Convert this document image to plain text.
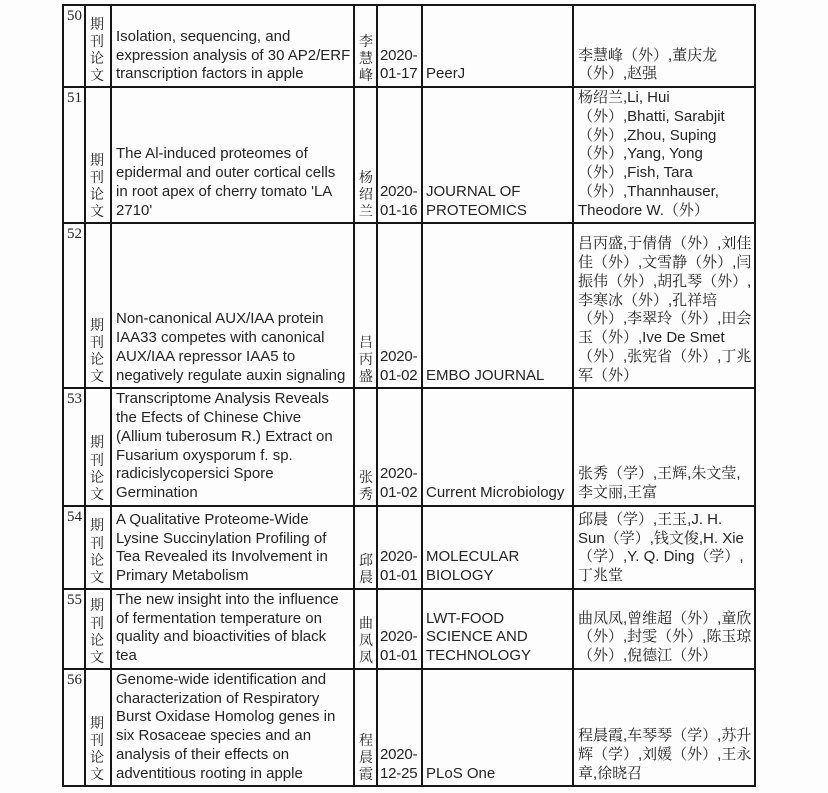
50	期刊论文	Isolation, sequencing, and expression analysis of 30 AP2/ERF transcription factors in apple	李慧峰	2020-01-17	PeerJ	李慧峰（外）,董庆龙（外）,赵强
51	期刊论文	The Al-induced proteomes of epidermal and outer cortical cells in root apex of cherry tomato 'LA 2710'	杨绍兰	2020-01-16	JOURNAL OF PROTEOMICS	杨绍兰,Li, Hui（外）,Bhatti, Sarabjit（外）,Zhou, Suping（外）,Yang, Yong（外）,Fish, Tara（外）,Thannhauser, Theodore W.（外）
52	期刊论文	Non-canonical AUX/IAA protein IAA33 competes with canonical AUX/IAA repressor IAA5 to negatively regulate auxin signaling	吕丙盛	2020-01-02	EMBO JOURNAL	吕丙盛,于倩倩（外）,刘佳佳（外）,文雪静（外）,闫振伟（外）,胡孔琴（外）,李寒冰（外）,孔祥培（外）,李翠玲（外）,田会玉（外）,Ive De Smet（外）,张宪省（外）,丁兆军（外）
53	期刊论文	Transcriptome Analysis Reveals the Efects of Chinese Chive (Allium tuberosum R.) Extract on Fusarium oxysporum f. sp. radicislycopersici Spore Germination	张秀	2020-01-02	Current Microbiology	张秀（学）,王辉,朱文莹,李文丽,王富
54	期刊论文	A Qualitative Proteome-Wide Lysine Succinylation Profiling of Tea Revealed its Involvement in Primary Metabolism	邱晨	2020-01-01	MOLECULAR BIOLOGY	邱晨（学）,王玉,J. H. Sun（学）,钱文俊,H. Xie（学）,Y. Q. Ding（学）,丁兆堂
55	期刊论文	The new insight into the influence of fermentation temperature on quality and bioactivities of black tea	曲凤凤	2020-01-01	LWT-FOOD SCIENCE AND TECHNOLOGY	曲凤凤,曾维超（外）,童欣（外）,封雯（外）,陈玉琼（外）,倪德江（外）
56	期刊论文	Genome-wide identification and characterization of Respiratory Burst Oxidase Homolog genes in six Rosaceae species and an analysis of their effects on adventitious rooting in apple	程晨霞	2020-12-25	PLoS One	程晨霞,车琴琴（学）,苏升辉（学）,刘媛（外）,王永章,徐晓召
